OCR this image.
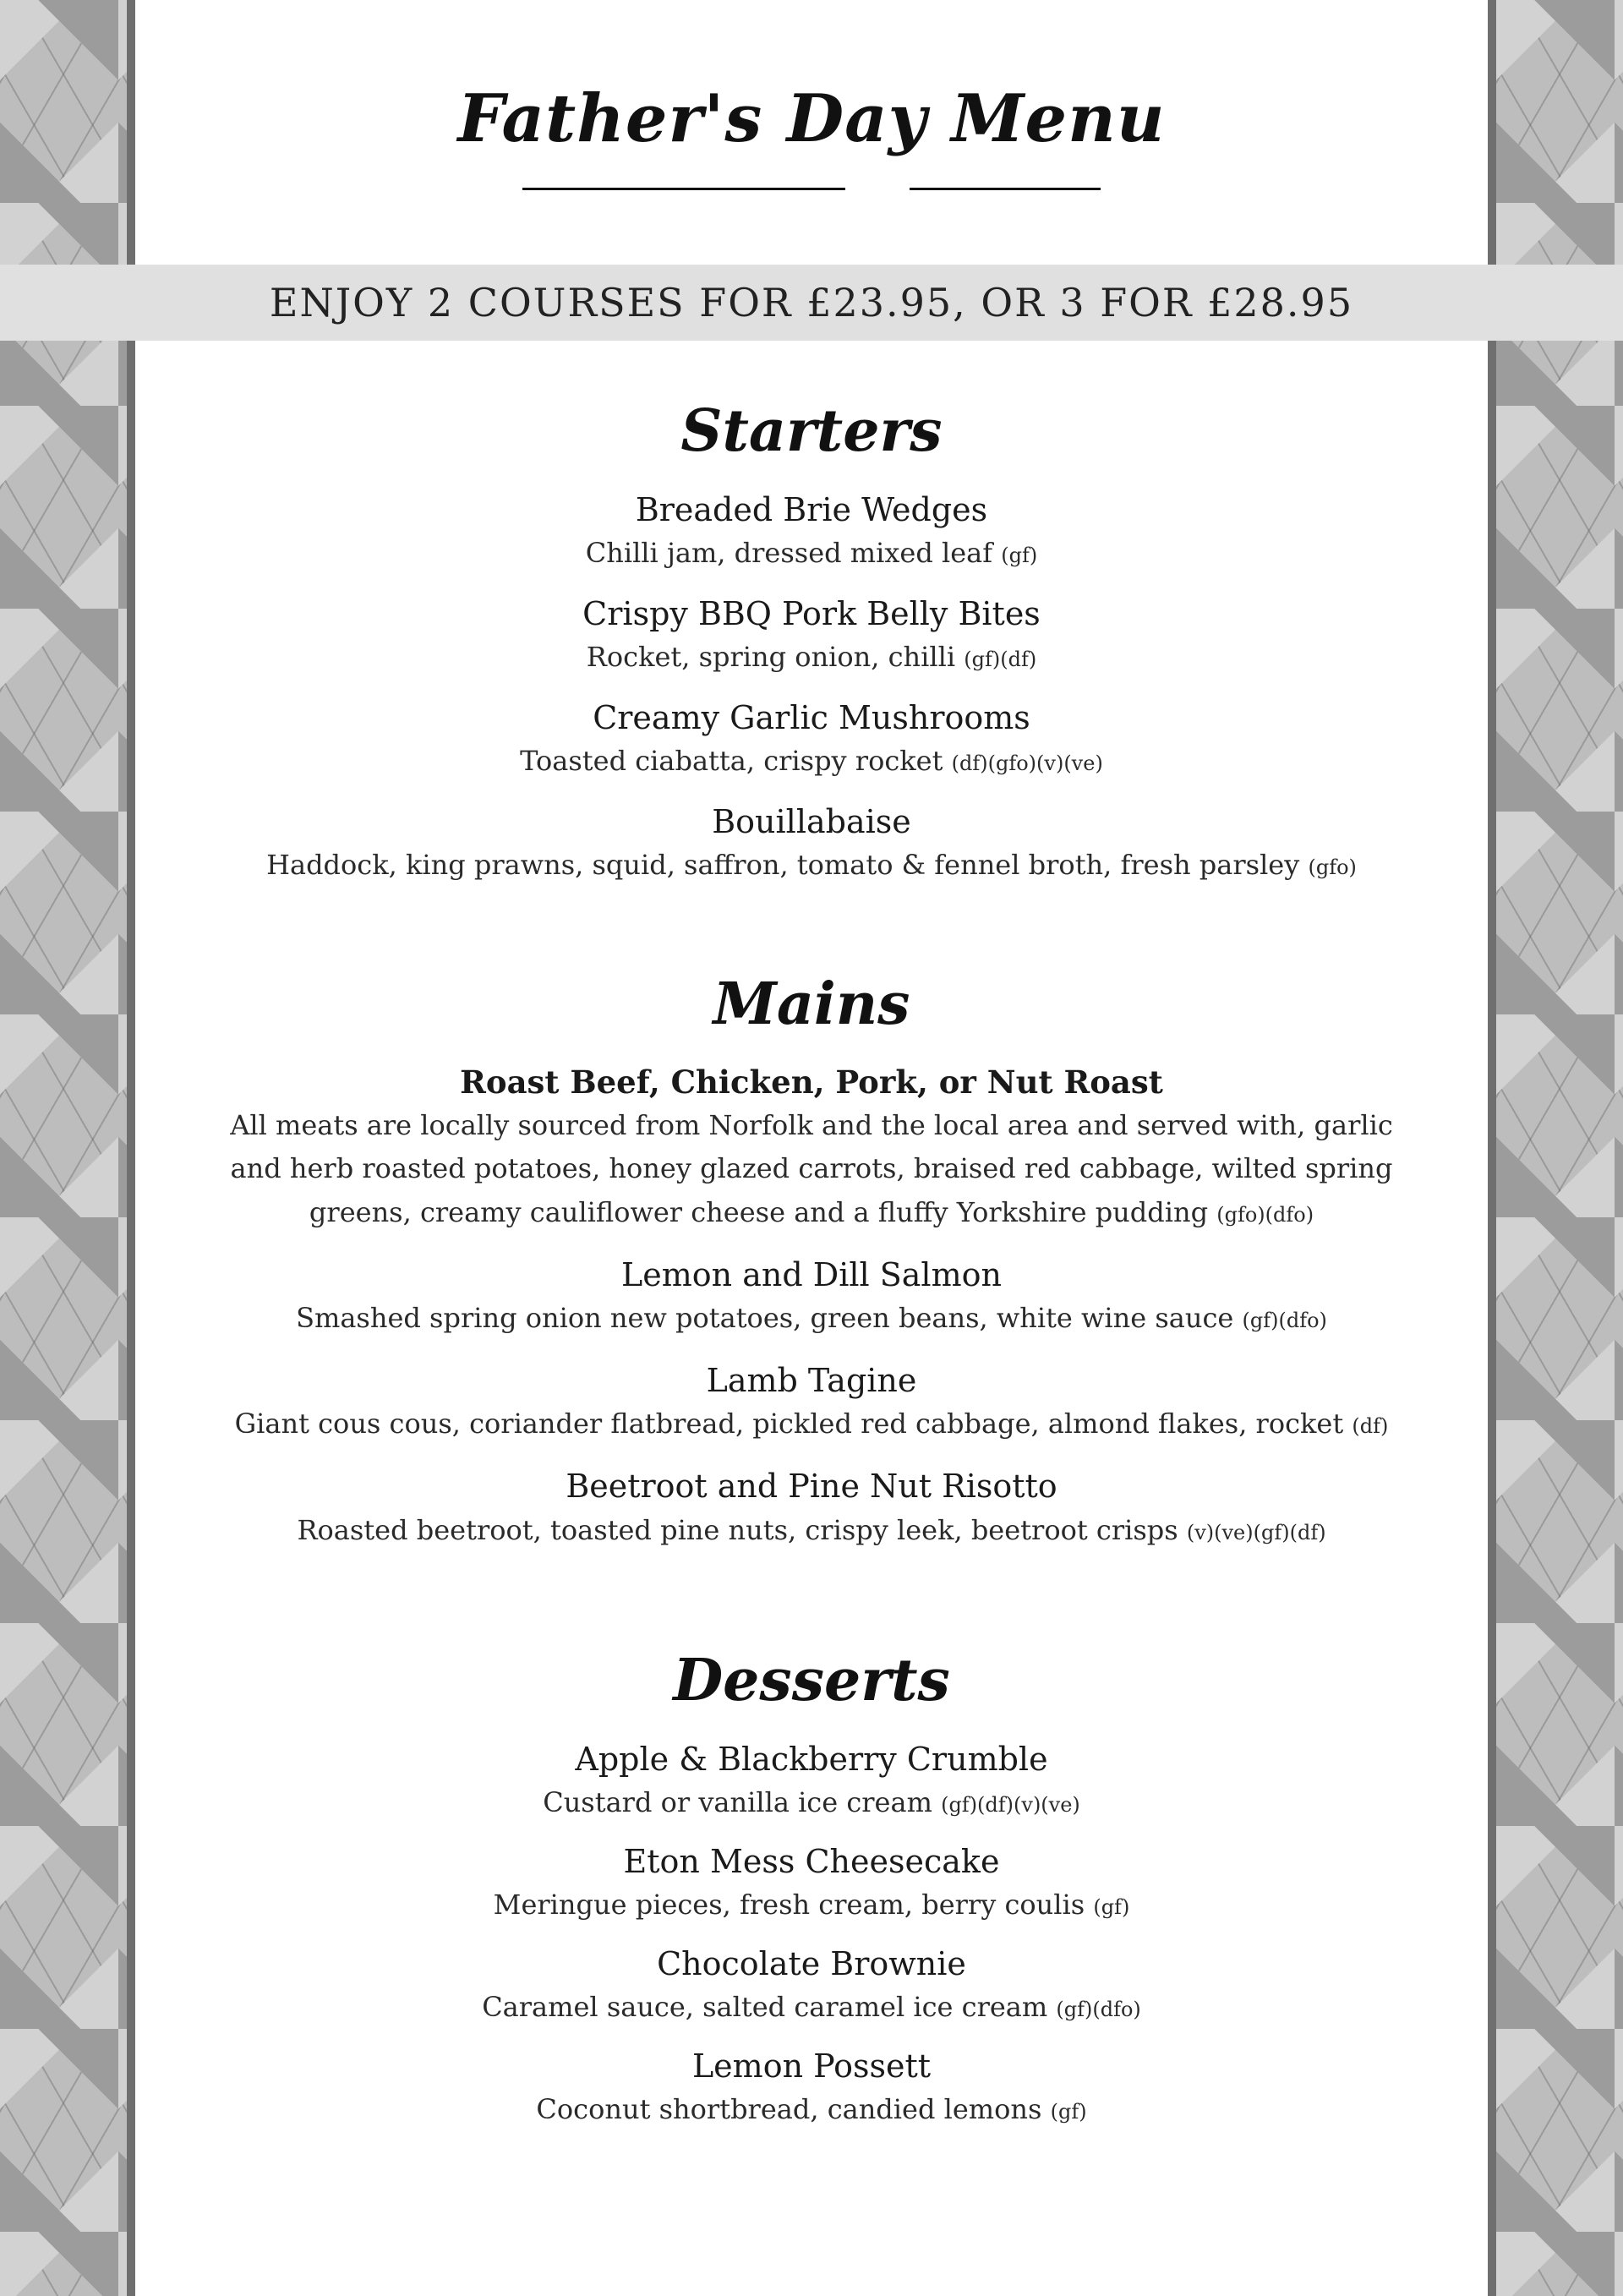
Father's Day Menu
ENJOY 2 COURSES FOR £23.95, OR 3 FOR £28.95
Starters

Breaded Brie Wedges

Chilli jam, dressed mixed leaf (gf)

Crispy BBQ Pork Belly Bites

Rocket, spring onion, chilli (gf)(df)

Creamy Garlic Mushrooms

Toasted ciabatta, crispy rocket (df)(gfo)(v)(ve)

Bouillabaise

Haddock, king prawns, squid, saffron, tomato & fennel broth, fresh parsley (gfo)

Mains

Roast Beef, Chicken, Pork, or Nut Roast

All meats are locally sourced from Norfolk and the local area and served with, garlic and herb roasted potatoes, honey glazed carrots, braised red cabbage, wilted spring greens, creamy cauliflower cheese and a fluffy Yorkshire pudding (gfo)(dfo)

Lemon and Dill Salmon

Smashed spring onion new potatoes, green beans, white wine sauce (gf)(dfo)

Lamb Tagine

Giant cous cous, coriander flatbread, pickled red cabbage, almond flakes, rocket (df)

Beetroot and Pine Nut Risotto

Roasted beetroot, toasted pine nuts, crispy leek, beetroot crisps (v)(ve)(gf)(df)

Desserts

Apple & Blackberry Crumble

Custard or vanilla ice cream (gf)(df)(v)(ve)

Eton Mess Cheesecake

Meringue pieces, fresh cream, berry coulis (gf)

Chocolate Brownie

Caramel sauce, salted caramel ice cream (gf)(dfo)

Lemon Possett

Coconut shortbread, candied lemons (gf)
